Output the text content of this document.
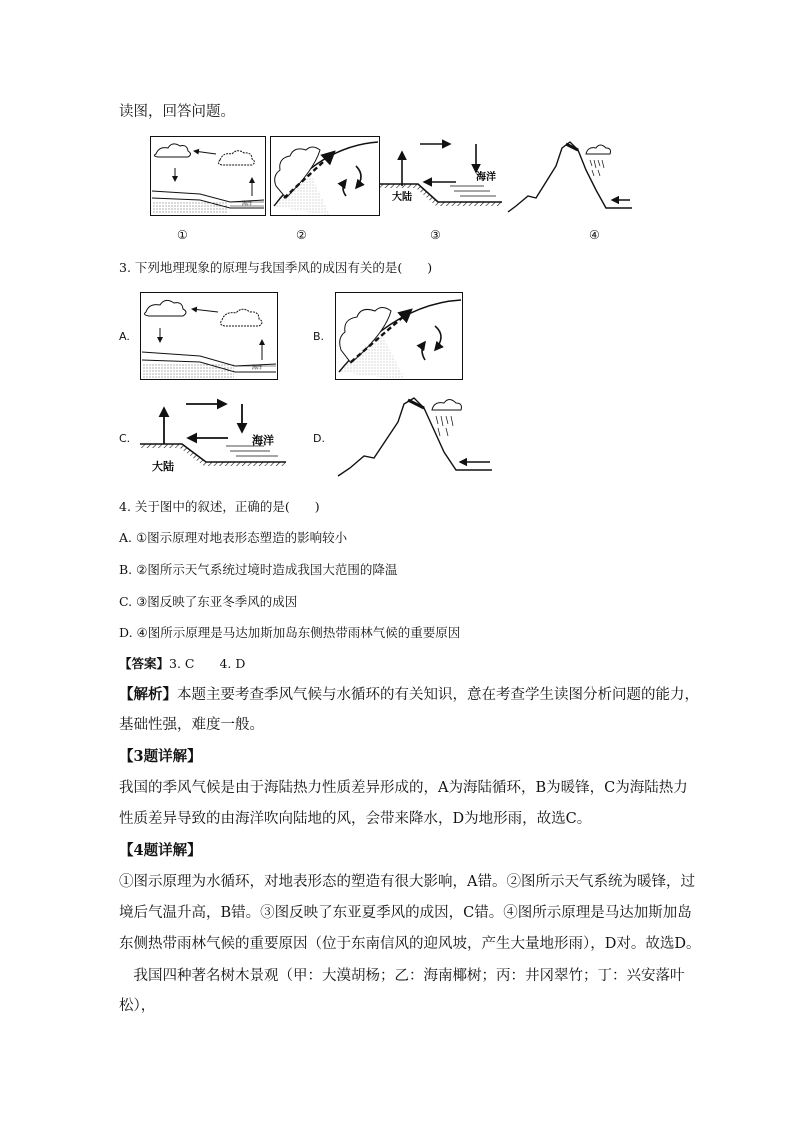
读图，回答问题。
海洋
海洋
大陆
①	②	③	④
3. 下列地理现象的原理与我国季风的成因有关的是(　　)
A.
海洋
B.
C.	海洋
大陆
D.
4. 关于图中的叙述，正确的是(　　)
A. ①图示原理对地表形态塑造的影响较小
B. ②图所示天气系统过境时造成我国大范围的降温
C. ③图反映了东亚冬季风的成因
D. ④图所示原理是马达加斯加岛东侧热带雨林气候的重要原因
【答案】3. C　　4. D
【解析】本题主要考查季风气候与水循环的有关知识，意在考查学生读图分析问题的能力，
基础性强，难度一般。
【3题详解】
我国的季风气候是由于海陆热力性质差异形成的，A为海陆循环，B为暖锋，C为海陆热力
性质差异导致的由海洋吹向陆地的风，会带来降水，D为地形雨，故选C。
【4题详解】
①图示原理为水循环，对地表形态的塑造有很大影响，A错。②图所示天气系统为暖锋，过
境后气温升高，B错。③图反映了东亚夏季风的成因，C错。④图所示原理是马达加斯加岛
东侧热带雨林气候的重要原因（位于东南信风的迎风坡，产生大量地形雨），D对。故选D。
　我国四种著名树木景观（甲：大漠胡杨；乙：海南椰树；丙：井冈翠竹；丁：兴安落叶
松），
